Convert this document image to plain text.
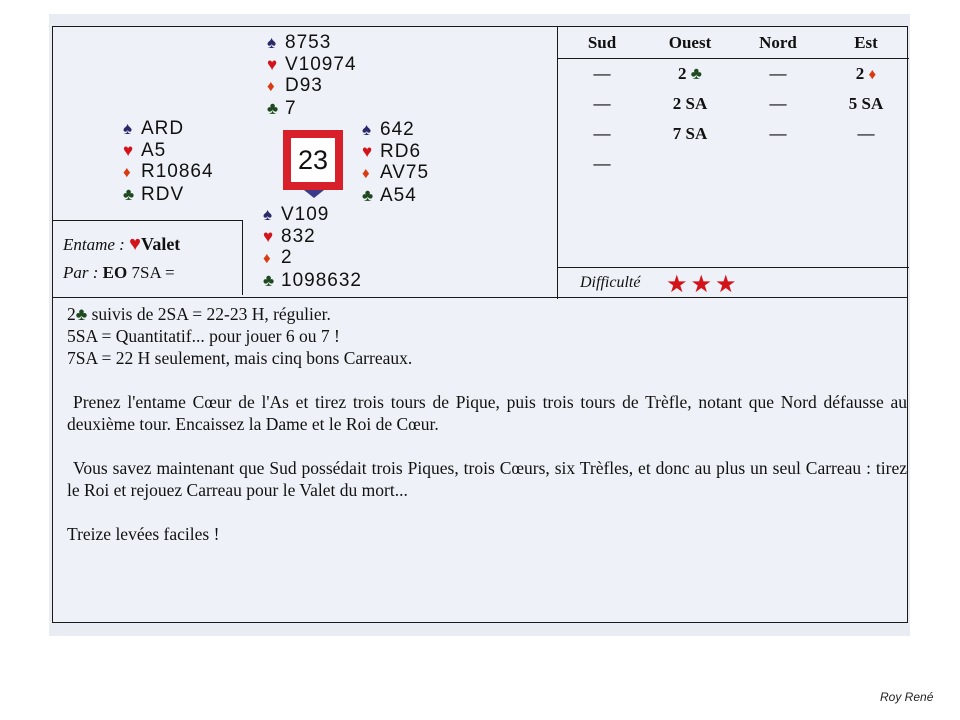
♠ 8753
♥ V10974
♦ D93
♣ 7
♠ ARD
♥ A5
♦ R10864
♣ RDV
23
♠ 642
♥ RD6
♦ AV75
♣ A54
♠ V109
♥ 832
♦ 2
♣ 1098632
Entame : ♥Valet
Par : EO 7SA =
Sud	Ouest	Nord	Est
—	2 ♣	—	2 ♦
—	2 SA	—	5 SA
—	7 SA	—	—
—
Difficulté ★★★

2♣ suivis de 2SA = 22-23 H, régulier.

5SA = Quantitatif... pour jouer 6 ou 7 !

7SA = 22 H seulement, mais cinq bons Carreaux.

Prenez l'entame Cœur de l'As et tirez trois tours de Pique, puis trois tours de Trèfle, notant que Nord défausse au deuxième tour. Encaissez la Dame et le Roi de Cœur.

Vous savez maintenant que Sud possédait trois Piques, trois Cœurs, six Trèfles, et donc au plus un seul Carreau : tirez le Roi et rejouez Carreau pour le Valet du mort...

Treize levées faciles !

Roy René
